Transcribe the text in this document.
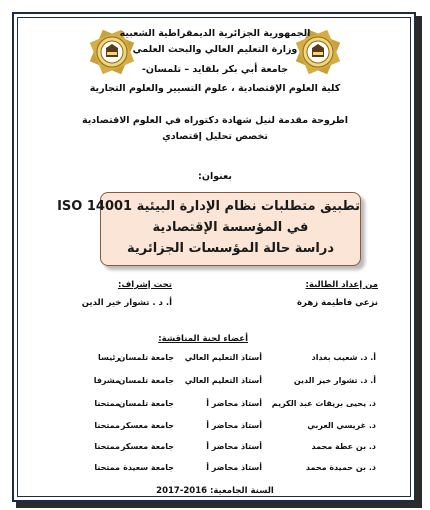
الجمهورية الجزائرية الديمقراطية الشعبية
وزارة التعليم العالي والبحث العلمي
جامعة أبي بكر بلقايد – تلمسان-
كلية العلوم الإقتصادية ، علوم التسيير والعلوم التجارية
اطروحة مقدمة لنيل شهادة دكتوراه في العلوم الاقتصادية
تخصص تحليل إقتصادي
بعنوان:
تطبيق متطلبات نظام الإدارة البيئية ISO 14001
في المؤسسة الإقتصادية
دراسة حالة المؤسسات الجزائرية
من إعداد الطالبة:
نزعي فاطيمة زهرة
تحت إشراف:
أ. د . تشوار خير الدين
أعضاء لجنة المناقشة:
أ. د. شعيب بغداد
أستاذ التعليم العالي
جامعة تلمسان
رئيسا
أ. د. تشوار خير الدين
أستاذ التعليم العالي
جامعة تلمسان
مشرفا
د. يحيى بريقات عبد الكريم
أستاذ محاضر أ
جامعة تلمسان
ممتحنا
د. غريسي العربي
أستاذ محاضر أ
جامعة معسكر
ممتحنا
د. بن عطة محمد
أستاذ محاضر أ
جامعة معسكر
ممتحنا
د. بن حميدة محمد
أستاذ محاضر أ
جامعة سعيدة
ممتحنا
السنة الجامعية: 2016-2017
